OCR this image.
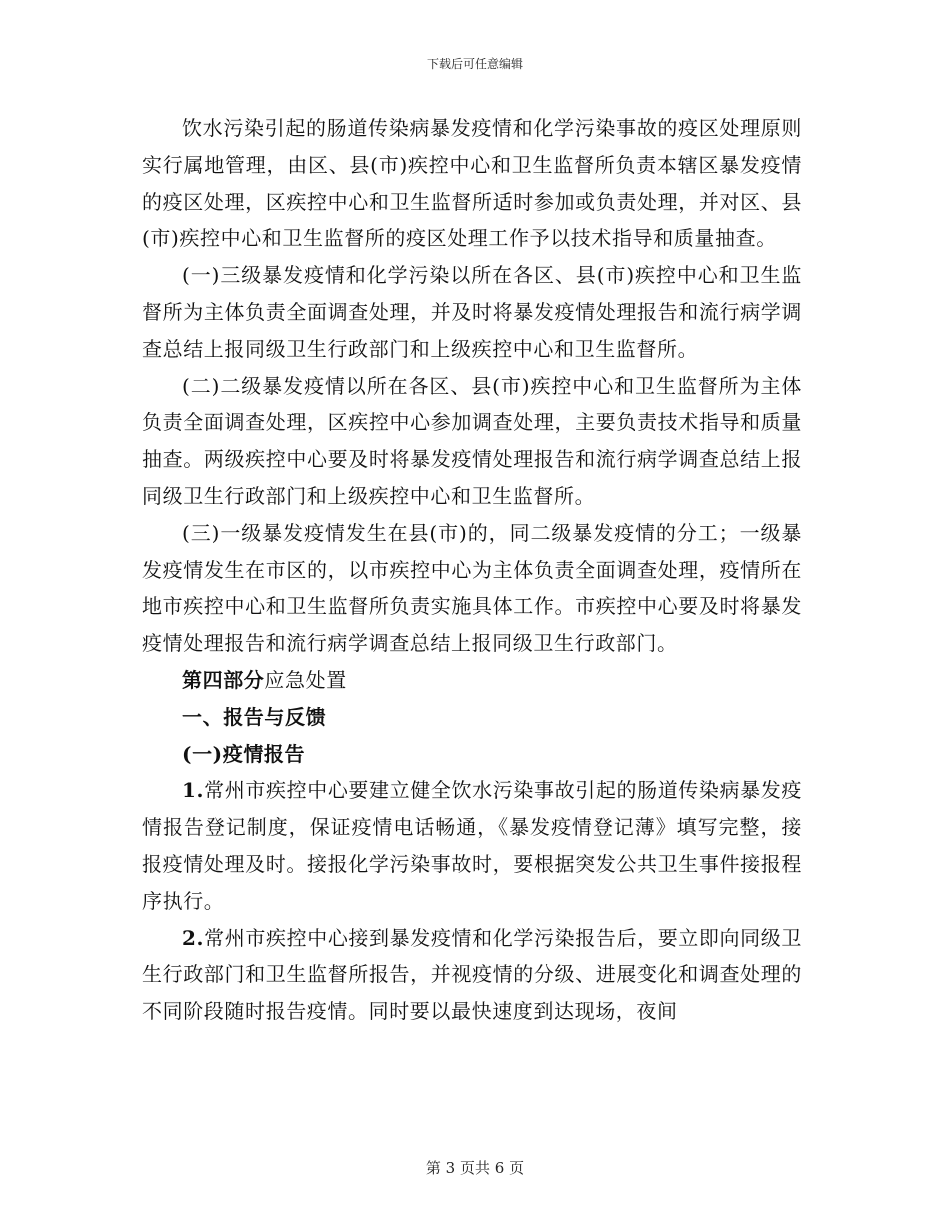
下载后可任意编辑

饮水污染引起的肠道传染病暴发疫情和化学污染事故的疫区处理原则实行属地管理，由区、县(市)疾控中心和卫生监督所负责本辖区暴发疫情的疫区处理，区疾控中心和卫生监督所适时参加或负责处理，并对区、县(市)疾控中心和卫生监督所的疫区处理工作予以技术指导和质量抽查。

(一)三级暴发疫情和化学污染以所在各区、县(市)疾控中心和卫生监督所为主体负责全面调查处理，并及时将暴发疫情处理报告和流行病学调查总结上报同级卫生行政部门和上级疾控中心和卫生监督所。

(二)二级暴发疫情以所在各区、县(市)疾控中心和卫生监督所为主体负责全面调查处理，区疾控中心参加调查处理，主要负责技术指导和质量抽查。两级疾控中心要及时将暴发疫情处理报告和流行病学调查总结上报同级卫生行政部门和上级疾控中心和卫生监督所。

(三)一级暴发疫情发生在县(市)的，同二级暴发疫情的分工；一级暴发疫情发生在市区的，以市疾控中心为主体负责全面调查处理，疫情所在地市疾控中心和卫生监督所负责实施具体工作。市疾控中心要及时将暴发疫情处理报告和流行病学调查总结上报同级卫生行政部门。

第四部分应急处置

一、报告与反馈

(一)疫情报告

1.常州市疾控中心要建立健全饮水污染事故引起的肠道传染病暴发疫情报告登记制度，保证疫情电话畅通，《暴发疫情登记薄》填写完整，接报疫情处理及时。接报化学污染事故时，要根据突发公共卫生事件接报程序执行。

2.常州市疾控中心接到暴发疫情和化学污染报告后，要立即向同级卫生行政部门和卫生监督所报告，并视疫情的分级、进展变化和调查处理的不同阶段随时报告疫情。同时要以最快速度到达现场，夜间

第 3 页共 6 页
